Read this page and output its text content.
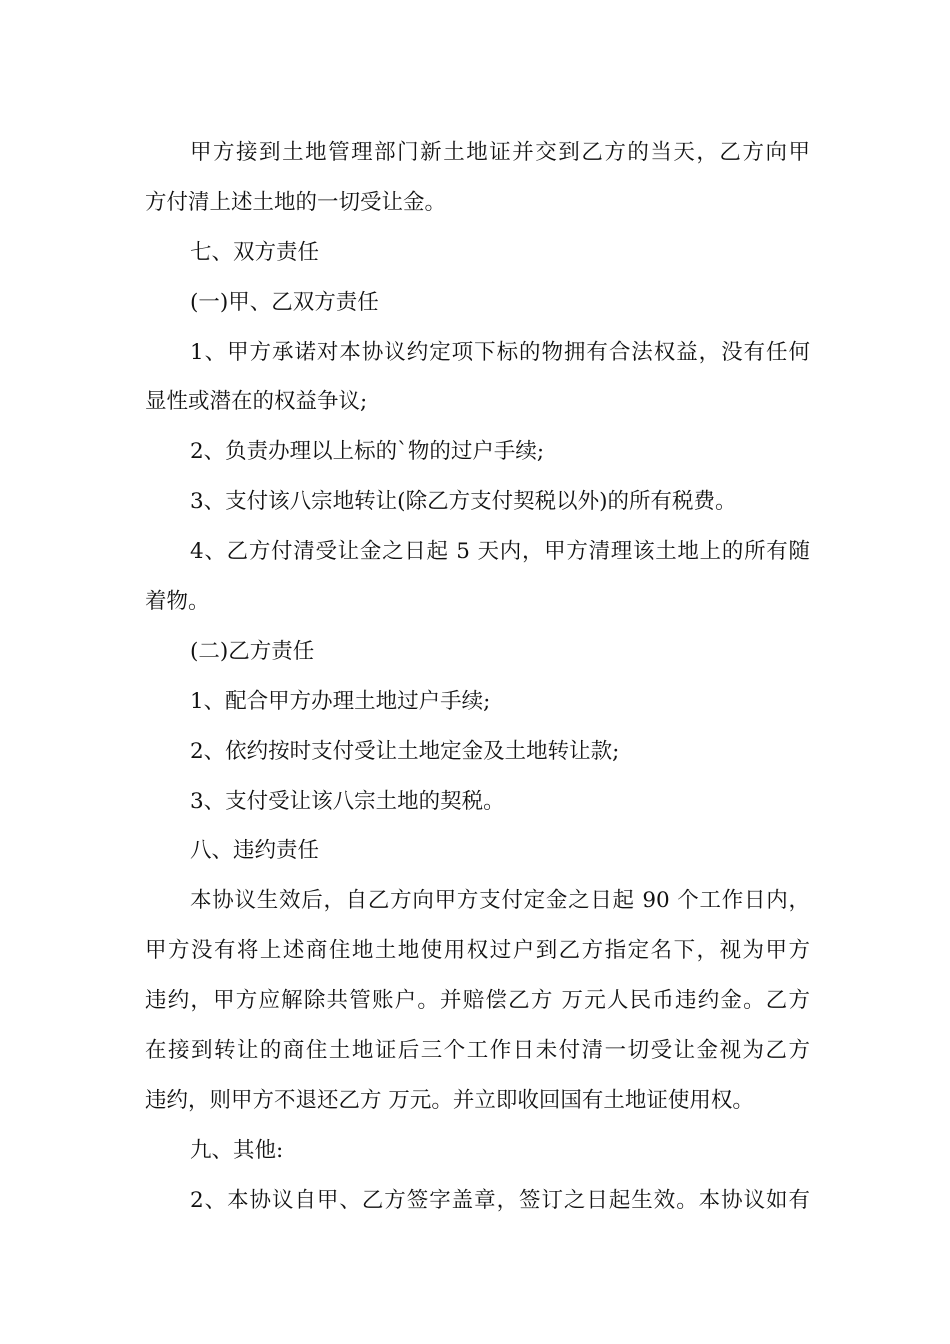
甲方接到土地管理部门新土地证并交到乙方的当天，乙方向甲
方付清上述土地的一切受让金。
七、双方责任
(一)甲、乙双方责任
1、甲方承诺对本协议约定项下标的物拥有合法权益，没有任何
显性或潜在的权益争议;
2、负责办理以上标的`物的过户手续;
3、支付该八宗地转让(除乙方支付契税以外)的所有税费。
4、乙方付清受让金之日起 5 天内，甲方清理该土地上的所有随
着物。
(二)乙方责任
1、配合甲方办理土地过户手续;
2、依约按时支付受让土地定金及土地转让款;
3、支付受让该八宗土地的契税。
八、违约责任
本协议生效后，自乙方向甲方支付定金之日起 90 个工作日内，
甲方没有将上述商住地土地使用权过户到乙方指定名下，视为甲方
违约，甲方应解除共管账户。并赔偿乙方 万元人民币违约金。乙方
在接到转让的商住土地证后三个工作日未付清一切受让金视为乙方
违约，则甲方不退还乙方 万元。并立即收回国有土地证使用权。
九、其他:
2、本协议自甲、乙方签字盖章，签订之日起生效。本协议如有
